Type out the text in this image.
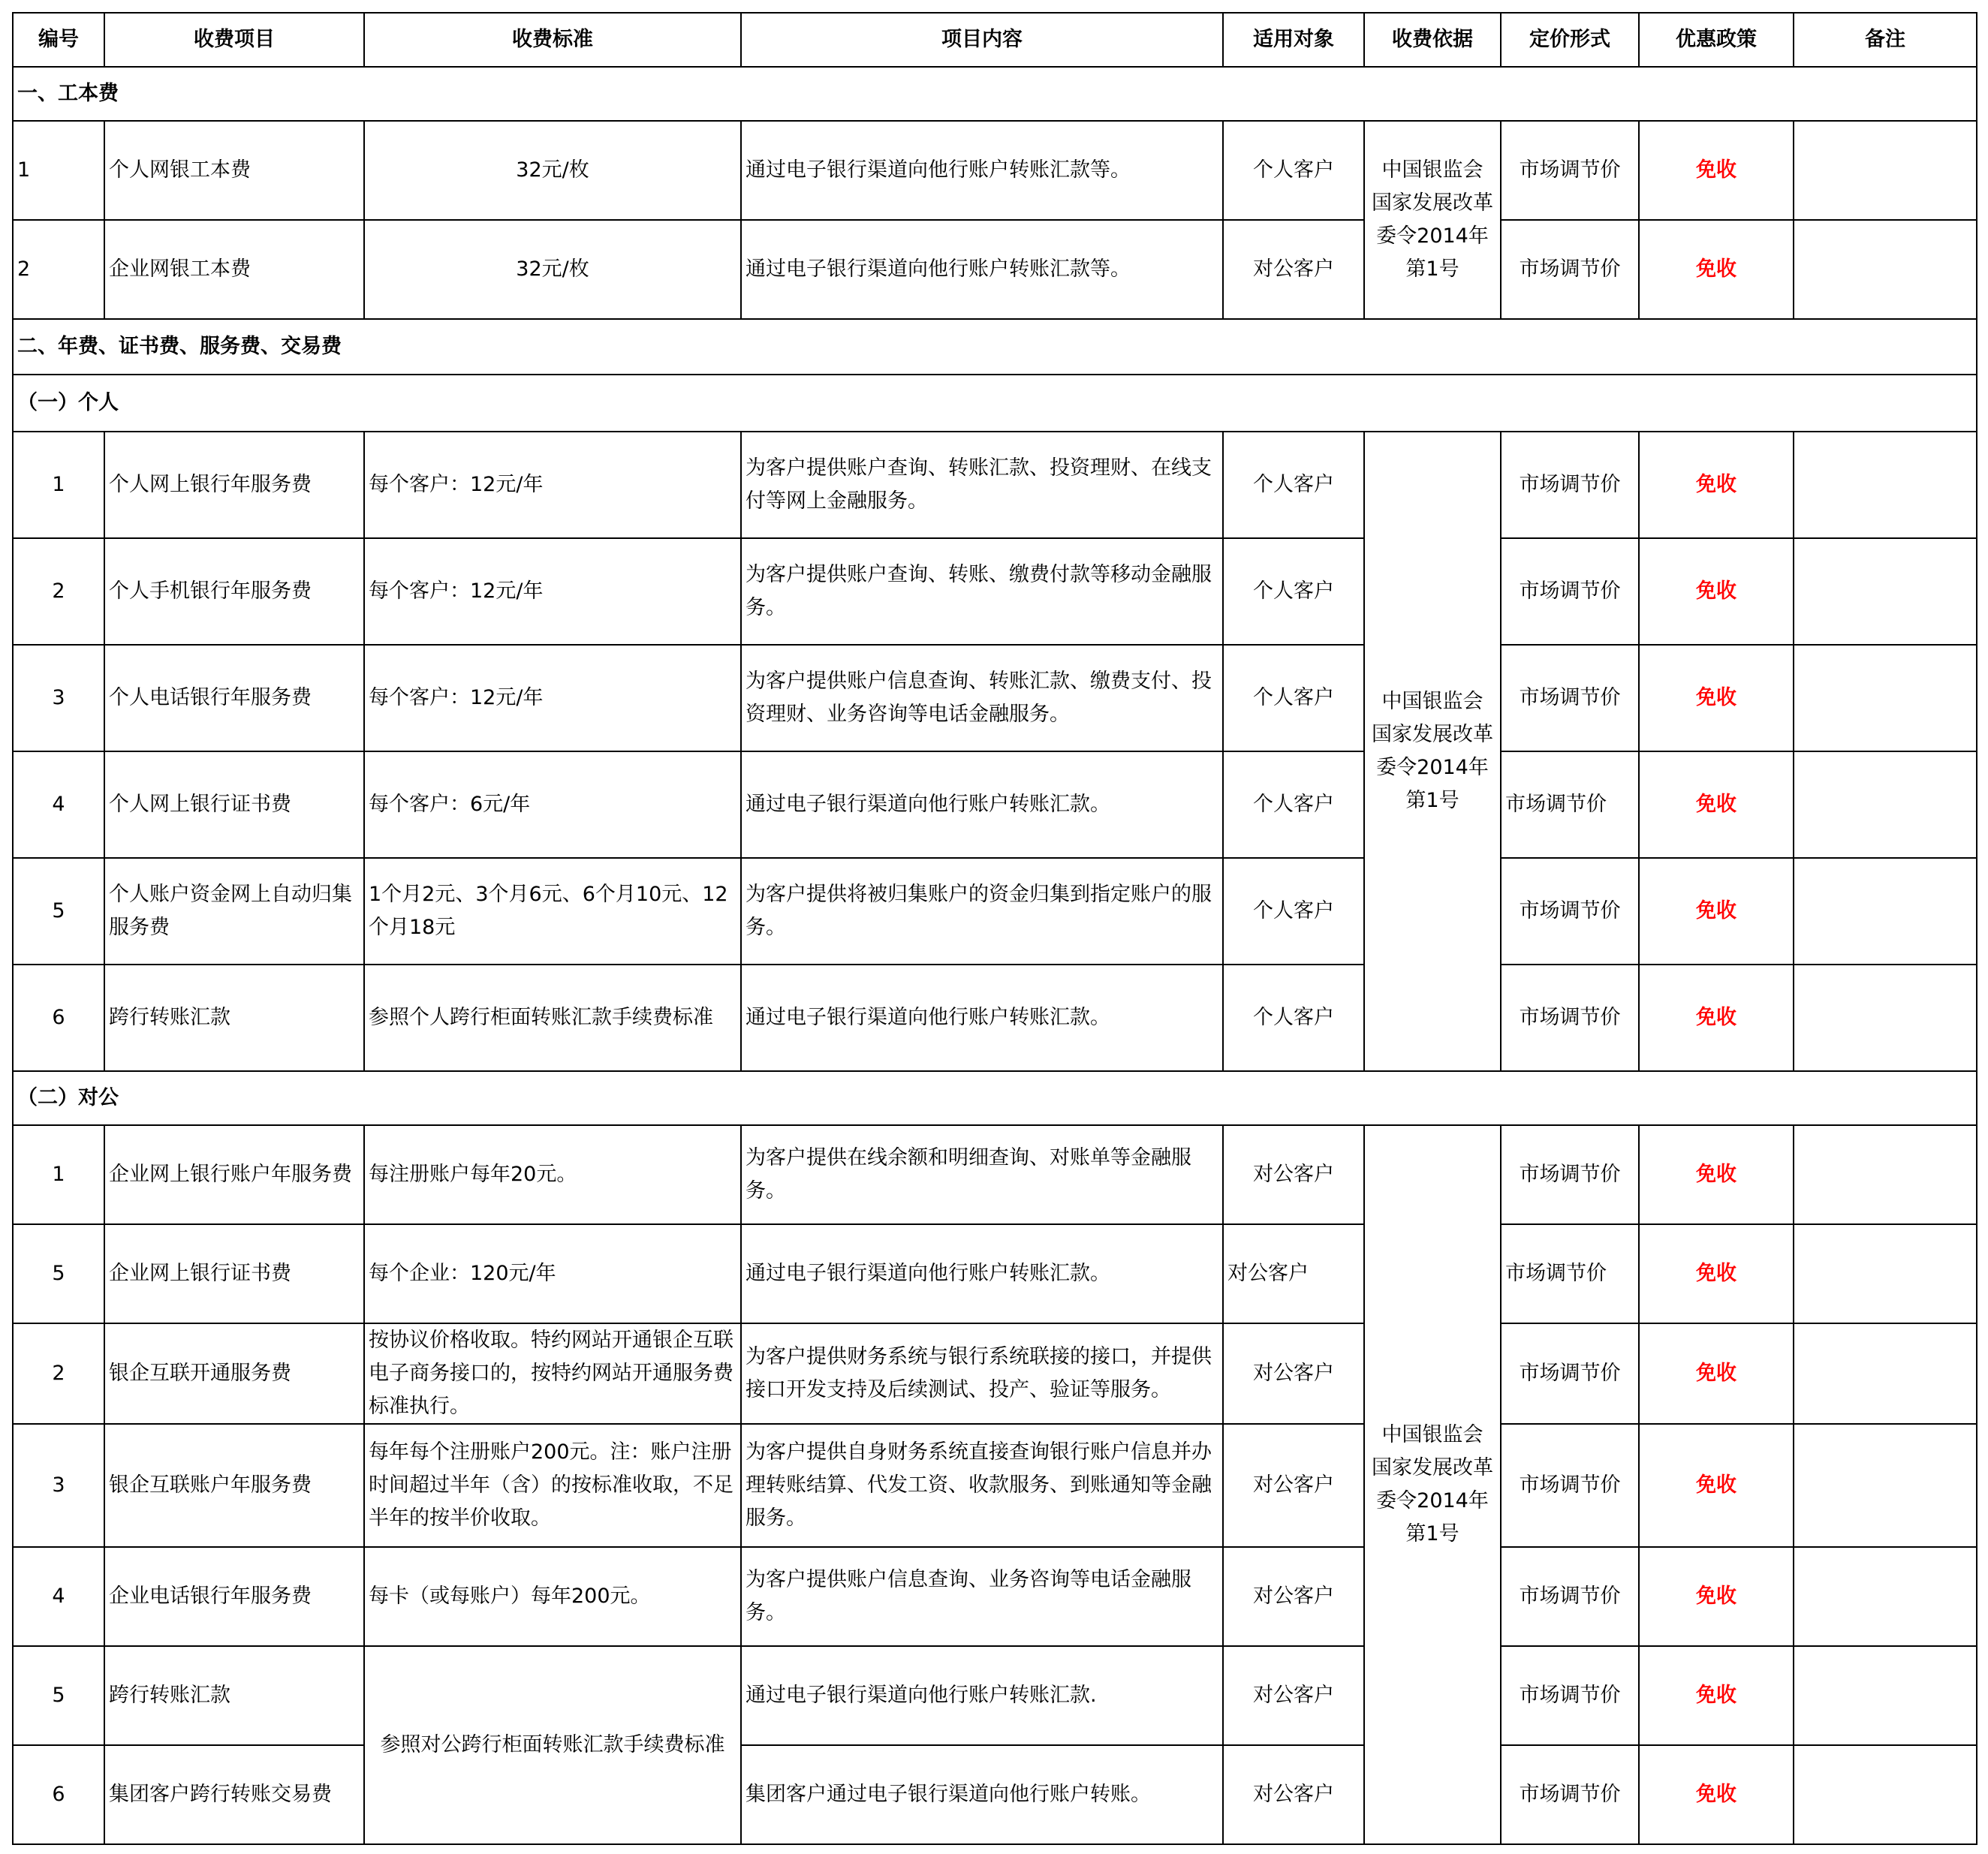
编号	收费项目	收费标准	项目内容	适用对象	收费依据	定价形式	优惠政策	备注
一、工本费								
1	个人网银工本费	32元/枚	通过电子银行渠道向他行账户转账汇款等。	个人客户	中国银监会 国家发展改革委令2014年第1号	市场调节价	免收	
2	企业网银工本费	32元/枚	通过电子银行渠道向他行账户转账汇款等。	对公客户		市场调节价	免收	
二、年费、证书费、服务费、交易费								
（一）个人								
1	个人网上银行年服务费	每个客户：12元/年	为客户提供账户查询、转账汇款、投资理财、在线支付等网上金融服务。	个人客户	中国银监会 国家发展改革委令2014年第1号	市场调节价	免收	
2	个人手机银行年服务费	每个客户：12元/年	为客户提供账户查询、转账、缴费付款等移动金融服务。	个人客户		市场调节价	免收	
3	个人电话银行年服务费	每个客户：12元/年	为客户提供账户信息查询、转账汇款、缴费支付、投资理财、业务咨询等电话金融服务。	个人客户		市场调节价	免收	
4	个人网上银行证书费	每个客户：6元/年	通过电子银行渠道向他行账户转账汇款。	个人客户		市场调节价	免收	
5	个人账户资金网上自动归集服务费	1个月2元、3个月6元、6个月10元、12个月18元	为客户提供将被归集账户的资金归集到指定账户的服务。	个人客户		市场调节价	免收	
6	跨行转账汇款	参照个人跨行柜面转账汇款手续费标准	通过电子银行渠道向他行账户转账汇款。	个人客户		市场调节价	免收	
（二）对公								
1	企业网上银行账户年服务费	每注册账户每年20元。	为客户提供在线余额和明细查询、对账单等金融服务。	对公客户	中国银监会 国家发展改革委令2014年第1号	市场调节价	免收	
5	企业网上银行证书费	每个企业：120元/年	通过电子银行渠道向他行账户转账汇款。	对公客户		市场调节价	免收	
2	银企互联开通服务费	按协议价格收取。特约网站开通银企互联电子商务接口的，按特约网站开通服务费标准执行。	为客户提供财务系统与银行系统联接的接口，并提供接口开发支持及后续测试、投产、验证等服务。	对公客户		市场调节价	免收	
3	银企互联账户年服务费	每年每个注册账户200元。注：账户注册时间超过半年（含）的按标准收取，不足半年的按半价收取。	为客户提供自身财务系统直接查询银行账户信息并办理转账结算、代发工资、收款服务、到账通知等金融服务。	对公客户		市场调节价	免收	
4	企业电话银行年服务费	每卡（或每账户）每年200元。	为客户提供账户信息查询、业务咨询等电话金融服务。	对公客户		市场调节价	免收	
5	跨行转账汇款	参照对公跨行柜面转账汇款手续费标准	通过电子银行渠道向他行账户转账汇款.	对公客户		市场调节价	免收	
6	集团客户跨行转账交易费		集团客户通过电子银行渠道向他行账户转账。	对公客户		市场调节价	免收	
